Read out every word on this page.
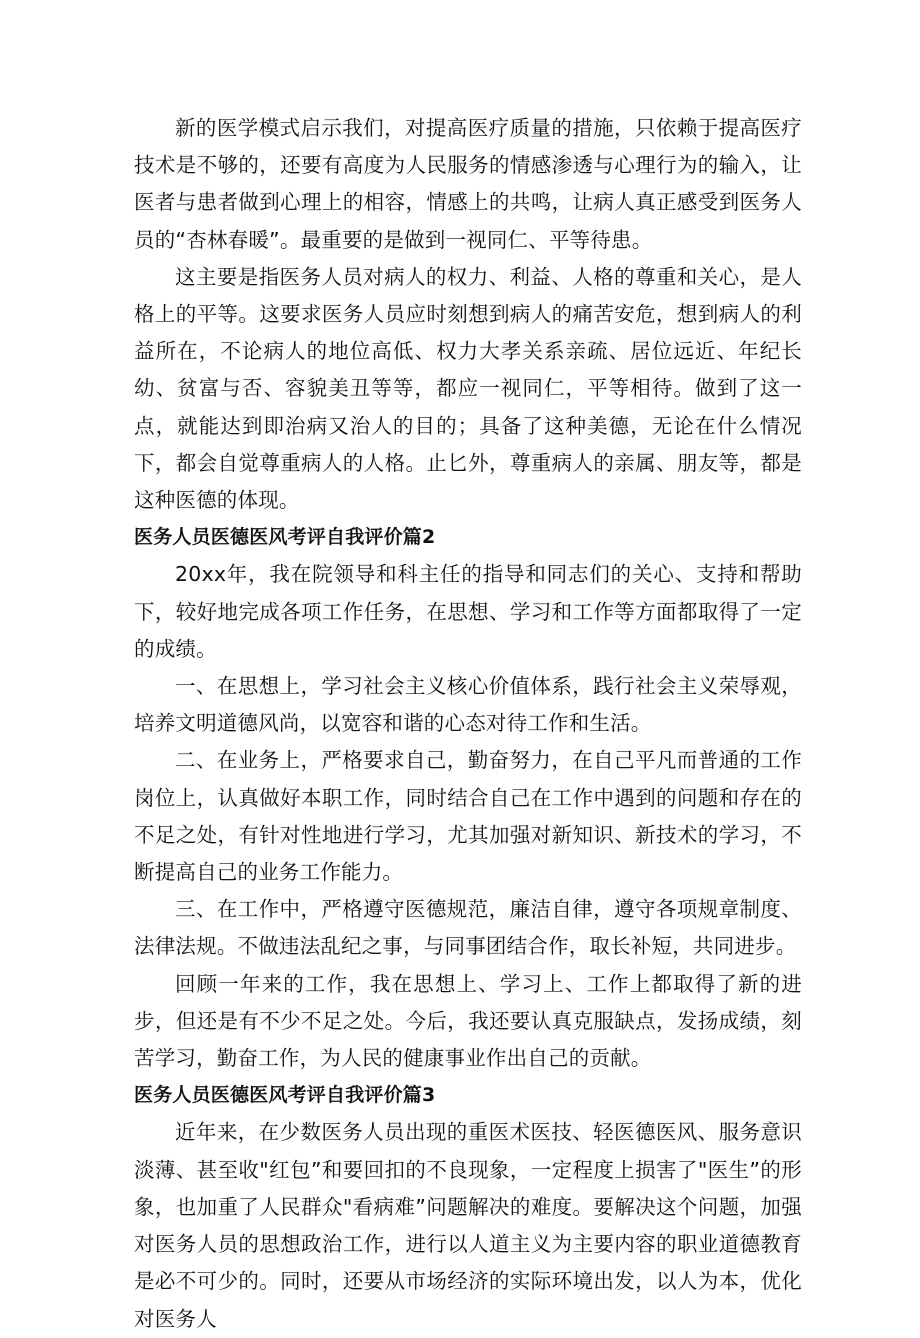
新的医学模式启示我们，对提高医疗质量的措施，只依赖于提高医疗技术是不够的，还要有高度为人民服务的情感渗透与心理行为的输入，让医者与患者做到心理上的相容，情感上的共鸣，让病人真正感受到医务人员的“杏林春暖”。最重要的是做到一视同仁、平等待患。

这主要是指医务人员对病人的权力、利益、人格的尊重和关心，是人格上的平等。这要求医务人员应时刻想到病人的痛苦安危，想到病人的利益所在，不论病人的地位高低、权力大孝关系亲疏、居位远近、年纪长幼、贫富与否、容貌美丑等等，都应一视同仁，平等相待。做到了这一点，就能达到即治病又治人的目的；具备了这种美德，无论在什么情况下，都会自觉尊重病人的人格。止匕外，尊重病人的亲属、朋友等，都是这种医德的体现。

医务人员医德医风考评自我评价篇2

20xx年，我在院领导和科主任的指导和同志们的关心、支持和帮助下，较好地完成各项工作任务，在思想、学习和工作等方面都取得了一定的成绩。

一、在思想上，学习社会主义核心价值体系，践行社会主义荣辱观，培养文明道德风尚，以宽容和谐的心态对待工作和生活。

二、在业务上，严格要求自己，勤奋努力，在自己平凡而普通的工作岗位上，认真做好本职工作，同时结合自己在工作中遇到的问题和存在的不足之处，有针对性地进行学习，尤其加强对新知识、新技术的学习，不断提高自己的业务工作能力。

三、在工作中，严格遵守医德规范，廉洁自律，遵守各项规章制度、法律法规。不做违法乱纪之事，与同事团结合作，取长补短，共同进步。

回顾一年来的工作，我在思想上、学习上、工作上都取得了新的进步，但还是有不少不足之处。今后，我还要认真克服缺点，发扬成绩，刻苦学习，勤奋工作，为人民的健康事业作出自己的贡献。

医务人员医德医风考评自我评价篇3

近年来，在少数医务人员出现的重医术医技、轻医德医风、服务意识淡薄、甚至收"红包”和要回扣的不良现象，一定程度上损害了"医生”的形象，也加重了人民群众"看病难”问题解决的难度。要解决这个问题，加强对医务人员的思想政治工作，进行以人道主义为主要内容的职业道德教育是必不可少的。同时，还要从市场经济的实际环境出发，以人为本，优化对医务人
